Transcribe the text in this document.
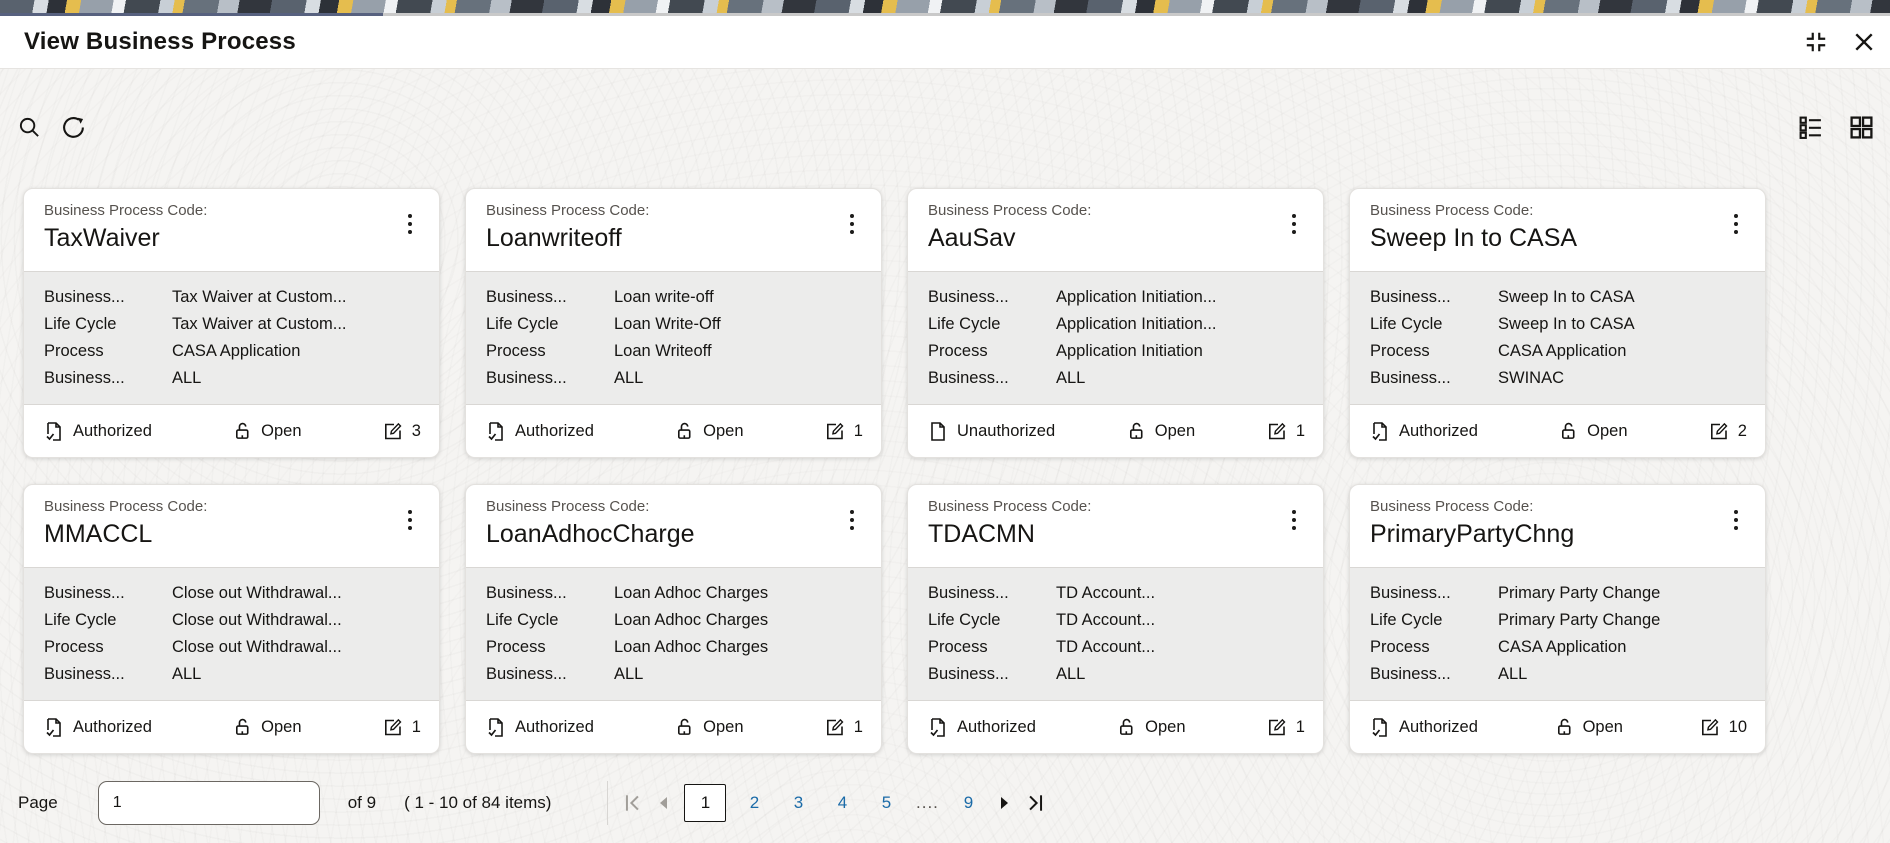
View Business Process
Business Process Code:
TaxWaiver
Business...	Tax Waiver at Custom...
Life Cycle	Tax Waiver at Custom...
Process	CASA Application
Business...	ALL
Authorized	Open	3
Business Process Code:
Loanwriteoff
Business...	Loan write-off
Life Cycle	Loan Write-Off
Process	Loan Writeoff
Business...	ALL
Authorized	Open	1
Business Process Code:
AauSav
Business...	Application Initiation...
Life Cycle	Application Initiation...
Process	Application Initiation
Business...	ALL
Unauthorized	Open	1
Business Process Code:
Sweep In to CASA
Business...	Sweep In to CASA
Life Cycle	Sweep In to CASA
Process	CASA Application
Business...	SWINAC
Authorized	Open	2
Business Process Code:
MMACCL
Business...	Close out Withdrawal...
Life Cycle	Close out Withdrawal...
Process	Close out Withdrawal...
Business...	ALL
Authorized	Open	1
Business Process Code:
LoanAdhocCharge
Business...	Loan Adhoc Charges
Life Cycle	Loan Adhoc Charges
Process	Loan Adhoc Charges
Business...	ALL
Authorized	Open	1
Business Process Code:
TDACMN
Business...	TD Account...
Life Cycle	TD Account...
Process	TD Account...
Business...	ALL
Authorized	Open	1
Business Process Code:
PrimaryPartyChng
Business...	Primary Party Change
Life Cycle	Primary Party Change
Process	CASA Application
Business...	ALL
Authorized	Open	10
Page
1	of 9 ( 1 - 10 of 84 items)	1	2	3	4	5	....	9
